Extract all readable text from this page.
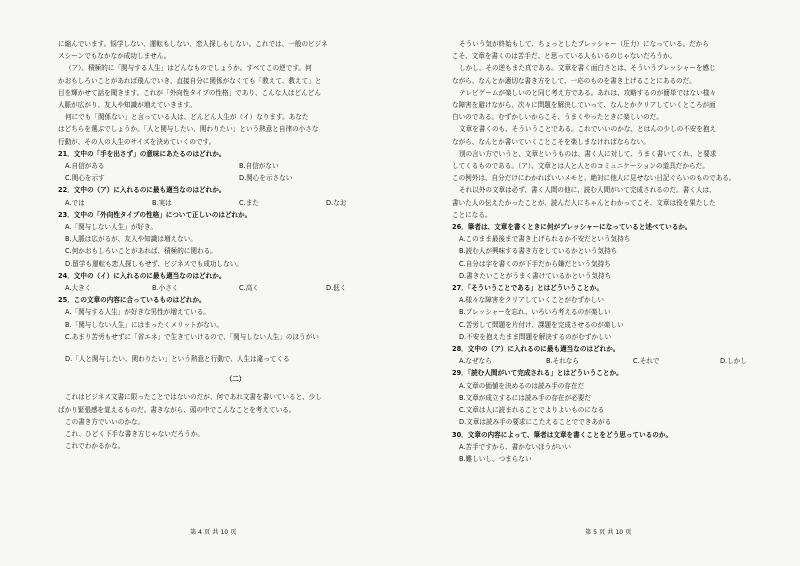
に縮んでいます。悩学しない、運転もしない、恋人探しもしない。これでは、一般のビジネ
スシーンでもなかなか成功しません。
（ア）、積極的に「関与する人生」はどんなものでしょうか。すべてこの逆です。何
かおもしろいことがあれば飛んでいき、直接自分に関係がなくても「教えて、教えて」と
目を輝かせて話を聞きます。これが「外向性タイプの性格」であり、こんな人はどんどん
人脈が広がり、友人や知識が増えていきます。
何にでも「関係ない」と言っている人は、どんどん人生が（イ）なります。あなた
はどちらを選ぶでしょうか。「人と関与したい、関わりたい」という熱意と自律の小さな
行動が、その人の人生のサイズを決めていくのです。
21．文中の「手を出さず」の意味にあたるのはどれか。
A.自信がある	B.自信がない
C.関心を示す	D.関心を示さない
22．文中の（ア）に入れるのに最も適当なのはどれか。
A.では	B.実は	C.また	D.なお
23．文中の「外向性タイプの性格」について正しいのはどれか。
A.「関与しない人生」が好き。
B.人脈は広がるが、友人や知識は増えない。
C.何かおもしろいことがあれば、積極的に関わる。
D.留学も運転も恋人探しもせず、ビジネスでも成功しない。
24．文中の（イ）に入れるのに最も適当なのはどれか。
A.大きく	B.小さく	C.高く	D.低く
25．この文章の内容に合っているものはどれか。
A.「関与する人生」が好きな男性が増えている。
B.「関与しない人生」にはまったくメリットがない。
C.あまり苦労もせずに「省エネ」で生きていけるので、「関与しない人生」のほうがい
D.「人と関与したい、関わりたい」という熱意と行動で、人生は違ってくる
（二）
これはビジネス文書に限ったことではないのだが、何であれ文書を書いていると、少し
ばかり緊張感を覚えるものだ。書きながら、頭の中でこんなことを考えている。
この書き方でいいのかな。
これ、ひどく下手な書き方じゃないだろうか。
これでわかるかな。
第 4 页 共 10 页
そういう気が終始もして、ちょっとしたプレッシャー（圧力）になっている。だから
こそ、文章を書くのは苦手だ、と思っている人もいるのじゃないだろうか。
しかし、その逆もまた真である。文章を書く面白さとは、そういうプレッシャーを感じ
ながら、なんとか適切な書き方をして、一応のものを書き上げることにあるのだ。
テレビゲームが楽しいのと同じ考え方である。あれは、攻略するのが簡単ではない様々
な障害を避けながら、次々に問題を解決していって、なんとかクリアしていくところが面
白いのである。むずかしいからこそ、うまくやったときに楽しいのだ。
文章を書くのも、そういうことである。これでいいのかな、とはんの少しの不安を抱え
ながら、なんとか書いていくことこそを楽しまなければならない。
別の言い方でいうと、文章というものは、書く人に対して、うまく書いてくれ、と要求
してくるものである。（ア）、文章とは人と人とのコミュニケーションの道具だからだ。
この例外は、自分だけにわかればいいメモと、絶対に他人に見せない日記ぐらいのものである。
それ以外の文章は必ず、書く人間の他に、読む人間がいて完成されるのだ。書く人は、
書いた人の伝えたかったことが、読んだ人にちゃんとわかってこそ、文章は役を果たした
ことになる。
26．筆者は、文章を書くときに何がプレッシャーになっていると述べているか。
A.このまま最後まで書き上げられるか不安だという気持ち
B.読む人が興味する書き方をしているかという気持ち
C.自分は字を書くのが下手だから嫌だという気持ち
D.書きたいことがうまく書けているかという気持ち
27．「そういうことである」とはどういうことか。
A.様々な障害をクリアしていくことがむずかしい
B.プレッシャーを忘れ、いろいろ考えるのが楽しい
C.苦労して問題を片付け、課題を完成させるのが楽しい
D.不安を抱えたまま問題を解決するのがむずかしい
28．文中の（ア）に入れるのに最も適当なのはどれか。
A.なぜなら	B.それなら	C.それで	D.しかし
29．「読む人間がいて完成される」とはどういうことか。
A.文章の価値を決めるのは読み手の存在だ
B.文章が成立するには読み手の存在が必要だ
C.文章は人に読まれることでよりよいものになる
D.文章は読み手の要求にこたえることでできあがる
30．文章の内容によって、筆者は文章を書くことをどう思っているのか。
A.苦手ですから、書かないほうがいい
B.難しいし、つまらない
第 5 页 共 10 页
